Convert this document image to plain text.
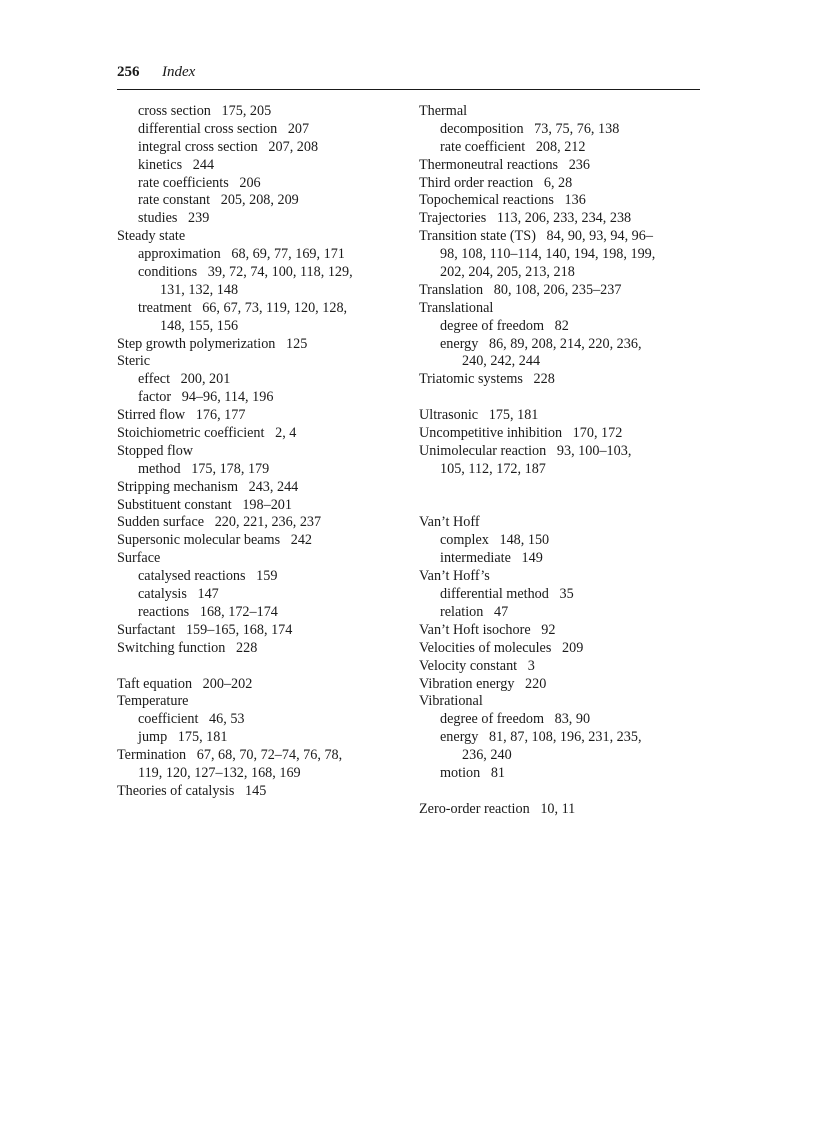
256 Index
cross section   175, 205
differential cross section   207
integral cross section   207, 208
kinetics   244
rate coefficients   206
rate constant   205, 208, 209
studies   239
Steady state
approximation   68, 69, 77, 169, 171
conditions   39, 72, 74, 100, 118, 129,
131, 132, 148
treatment   66, 67, 73, 119, 120, 128,
148, 155, 156
Step growth polymerization   125
Steric
effect   200, 201
factor   94–96, 114, 196
Stirred flow   176, 177
Stoichiometric coefficient   2, 4
Stopped flow
method   175, 178, 179
Stripping mechanism   243, 244
Substituent constant   198–201
Sudden surface   220, 221, 236, 237
Supersonic molecular beams   242
Surface
catalysed reactions   159
catalysis   147
reactions   168, 172–174
Surfactant   159–165, 168, 174
Switching function   228
Taft equation   200–202
Temperature
coefficient   46, 53
jump   175, 181
Termination   67, 68, 70, 72–74, 76, 78,
119, 120, 127–132, 168, 169
Theories of catalysis   145
Thermal
decomposition   73, 75, 76, 138
rate coefficient   208, 212
Thermoneutral reactions   236
Third order reaction   6, 28
Topochemical reactions   136
Trajectories   113, 206, 233, 234, 238
Transition state (TS)   84, 90, 93, 94, 96–
98, 108, 110–114, 140, 194, 198, 199,
202, 204, 205, 213, 218
Translation   80, 108, 206, 235–237
Translational
degree of freedom   82
energy   86, 89, 208, 214, 220, 236,
240, 242, 244
Triatomic systems   228
Ultrasonic   175, 181
Uncompetitive inhibition   170, 172
Unimolecular reaction   93, 100–103,
105, 112, 172, 187
Van’t Hoff
complex   148, 150
intermediate   149
Van’t Hoff’s
differential method   35
relation   47
Van’t Hoft isochore   92
Velocities of molecules   209
Velocity constant   3
Vibration energy   220
Vibrational
degree of freedom   83, 90
energy   81, 87, 108, 196, 231, 235,
236, 240
motion   81
Zero-order reaction   10, 11
